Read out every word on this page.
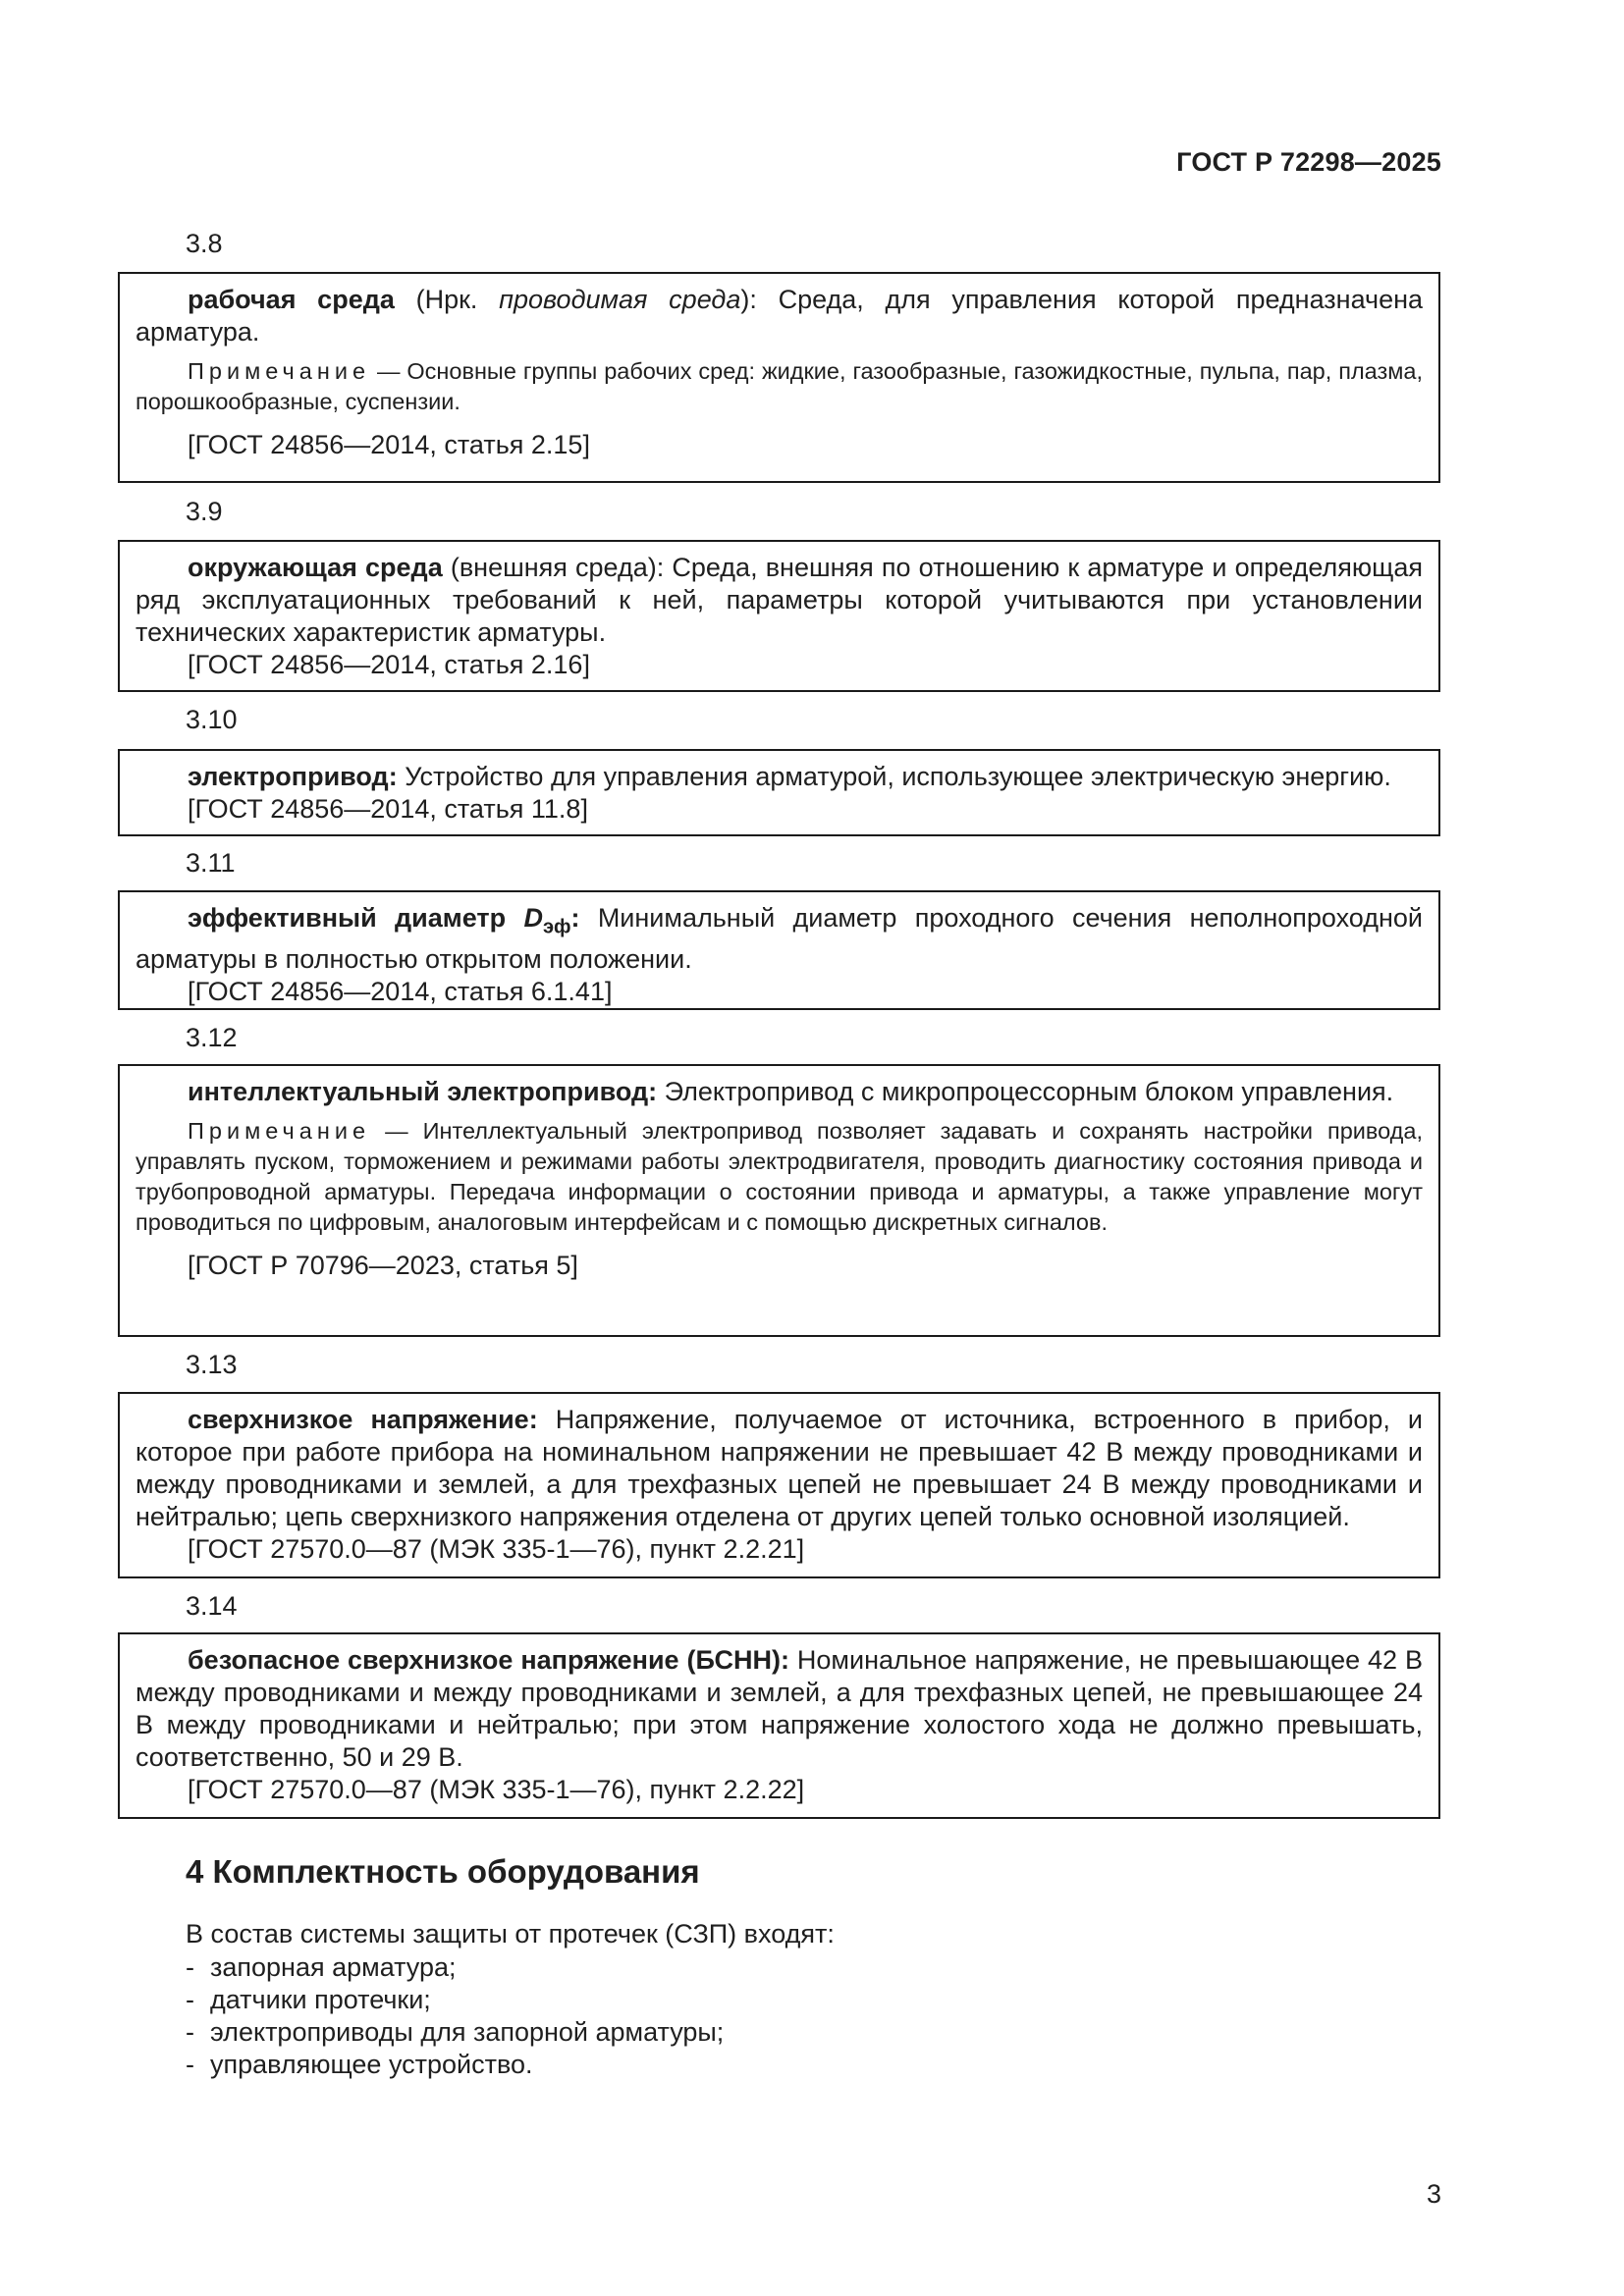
ГОСТ Р 72298—2025
3.8
рабочая среда (Нрк. проводимая среда): Среда, для управления которой предназначена арматура.
Примечание — Основные группы рабочих сред: жидкие, газообразные, газожидкостные, пульпа, пар, плазма, порошкообразные, суспензии.
[ГОСТ 24856—2014, статья 2.15]
3.9
окружающая среда (внешняя среда): Среда, внешняя по отношению к арматуре и определяющая ряд эксплуатационных требований к ней, параметры которой учитываются при установлении технических характеристик арматуры.
[ГОСТ 24856—2014, статья 2.16]
3.10
электропривод: Устройство для управления арматурой, использующее электрическую энергию.
[ГОСТ 24856—2014, статья 11.8]
3.11
эффективный диаметр $D_{эф}$: Минимальный диаметр проходного сечения неполнопроходной арматуры в полностью открытом положении.
[ГОСТ 24856—2014, статья 6.1.41]
3.12
интеллектуальный электропривод: Электропривод с микропроцессорным блоком управления.
Примечание — Интеллектуальный электропривод позволяет задавать и сохранять настройки привода, управлять пуском, торможением и режимами работы электродвигателя, проводить диагностику состояния привода и трубопроводной арматуры. Передача информации о состоянии привода и арматуры, а также управление могут проводиться по цифровым, аналоговым интерфейсам и с помощью дискретных сигналов.
[ГОСТ Р 70796—2023, статья 5]
3.13
сверхнизкое напряжение: Напряжение, получаемое от источника, встроенного в прибор, и которое при работе прибора на номинальном напряжении не превышает 42 В между проводниками и между проводниками и землей, а для трехфазных цепей не превышает 24 В между проводниками и нейтралью; цепь сверхнизкого напряжения отделена от других цепей только основной изоляцией.
[ГОСТ 27570.0—87 (МЭК 335-1—76), пункт 2.2.21]
3.14
безопасное сверхнизкое напряжение (БСНН): Номинальное напряжение, не превышающее 42 В между проводниками и между проводниками и землей, а для трехфазных цепей, не превышающее 24 В между проводниками и нейтралью; при этом напряжение холостого хода не должно превышать, соответственно, 50 и 29 В.
[ГОСТ 27570.0—87 (МЭК 335-1—76), пункт 2.2.22]
4 Комплектность оборудования
В состав системы защиты от протечек (СЗП) входят:
- запорная арматура;
- датчики протечки;
- электроприводы для запорной арматуры;
- управляющее устройство.
3
